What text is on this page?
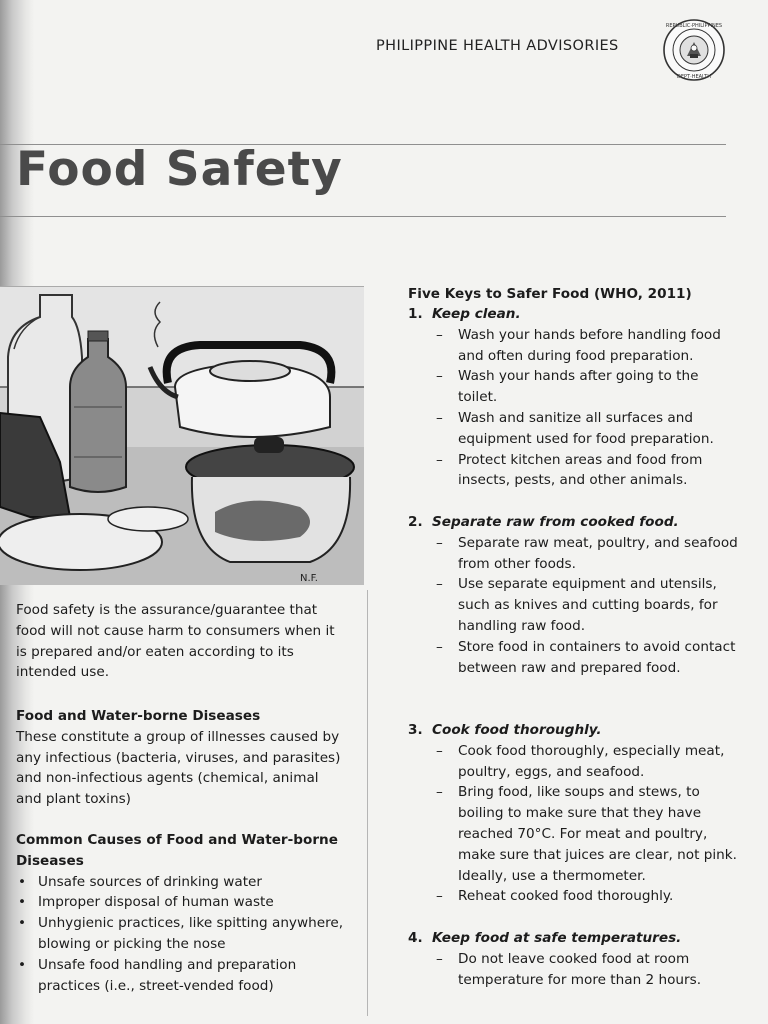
PHILIPPINE HEALTH ADVISORIES
REPUBLIC·PHILIPPINES
DEPT·HEALTH
Food Safety
N.F.

Food safety is the assurance/guarantee that food will not cause harm to consumers when it is prepared and/or eaten according to its intended use.

Food and Water-borne Diseases

These constitute a group of illnesses caused by any infectious (bacteria, viruses, and parasites) and non-infectious agents (chemical, animal and plant toxins)

Common Causes of Food and Water-borne Diseases
• Unsafe sources of drinking water
• Improper disposal of human waste
• Unhygienic practices, like spitting anywhere, blowing or picking the nose
• Unsafe food handling and preparation practices (i.e., street-vended food)
Five Keys to Safer Food (WHO, 2011)
1. Keep clean.
– Wash your hands before handling food and often during food preparation.
– Wash your hands after going to the toilet.
– Wash and sanitize all surfaces and equipment used for food preparation.
– Protect kitchen areas and food from insects, pests, and other animals.
2. Separate raw from cooked food.
– Separate raw meat, poultry, and seafood from other foods.
– Use separate equipment and utensils, such as knives and cutting boards, for handling raw food.
– Store food in containers to avoid contact between raw and prepared food.
3. Cook food thoroughly.
– Cook food thoroughly, especially meat, poultry, eggs, and seafood.
– Bring food, like soups and stews, to boiling to make sure that they have reached 70°C. For meat and poultry, make sure that juices are clear, not pink. Ideally, use a thermometer.
– Reheat cooked food thoroughly.
4. Keep food at safe temperatures.
– Do not leave cooked food at room temperature for more than 2 hours.
